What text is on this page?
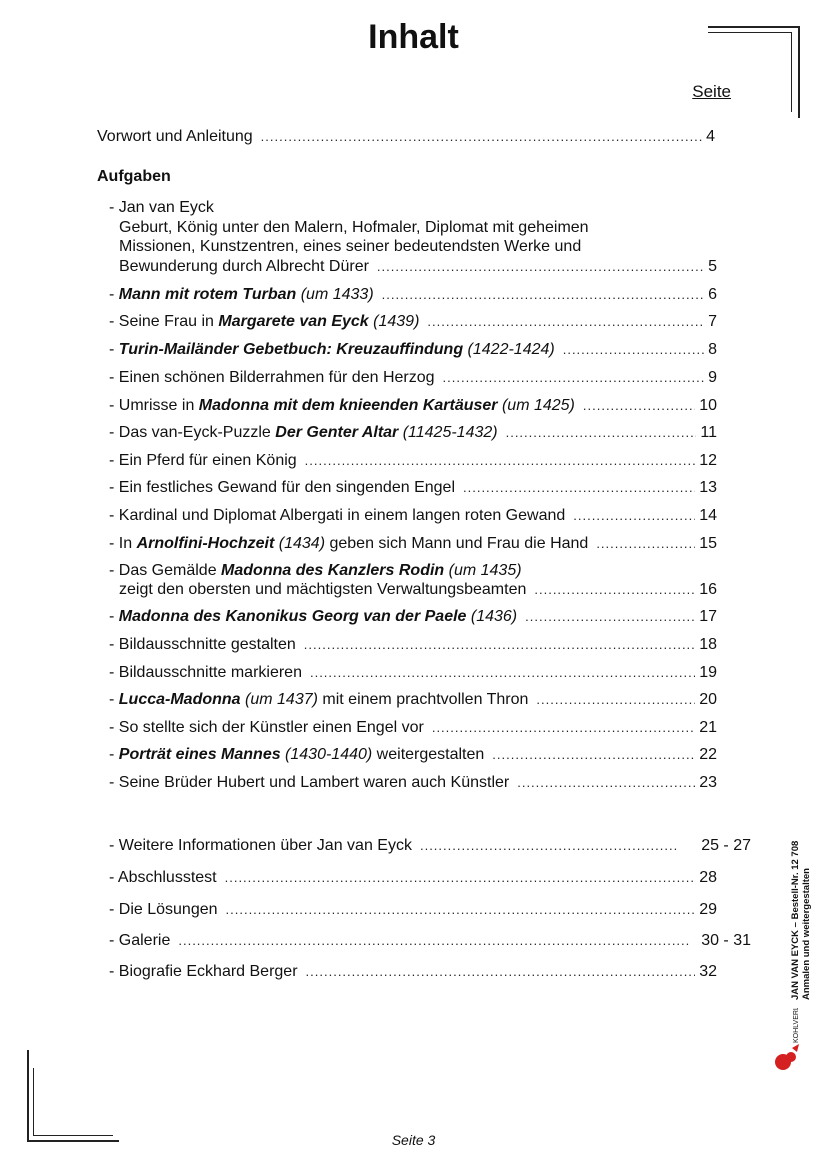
Inhalt
Seite
Vorwort und Anleitung .....	4
Aufgaben
- Jan van Eyck
Geburt, König unter den Malern, Hofmaler, Diplomat mit geheimen
Missionen, Kunstzentren, eines seiner bedeutendsten Werke und
Bewunderung durch Albrecht Dürer .....	5
- Mann mit rotem Turban (um 1433) .....	6
- Seine Frau in Margarete van Eyck (1439) .....	7
- Turin-Mailänder Gebetbuch: Kreuzauffindung (1422-1424) .....	8
- Einen schönen Bilderrahmen für den Herzog .....	9
- Umrisse in Madonna mit dem knieenden Kartäuser (um 1425) .....	10
- Das van-Eyck-Puzzle Der Genter Altar (11425-1432) .....	11
- Ein Pferd für einen König .....	12
- Ein festliches Gewand für den singenden Engel .....	13
- Kardinal und Diplomat Albergati in einem langen roten Gewand .....	14
- In Arnolfini-Hochzeit (1434) geben sich Mann und Frau die Hand .....	15
- Das Gemälde Madonna des Kanzlers Rodin (um 1435)
zeigt den obersten und mächtigsten Verwaltungsbeamten .....	16
- Madonna des Kanonikus Georg van der Paele (1436) .....	17
- Bildausschnitte gestalten .....	18
- Bildausschnitte markieren .....	19
- Lucca-Madonna (um 1437) mit einem prachtvollen Thron .....	20
- So stellte sich der Künstler einen Engel vor .....	21
- Porträt eines Mannes (1430-1440) weitergestalten .....	22
- Seine Brüder Hubert und Lambert waren auch Künstler .....	23
- Weitere Informationen über Jan van Eyck .....	25 - 27
- Abschlusstest .....	28
- Die Lösungen .....	29
- Galerie .....	30 - 31
- Biografie Eckhard Berger .....	32	JAN VAN EYCK – Bestell-Nr. 12 708 Anmalen und weitergestalten
KOHLVERLAG
Seite 3
